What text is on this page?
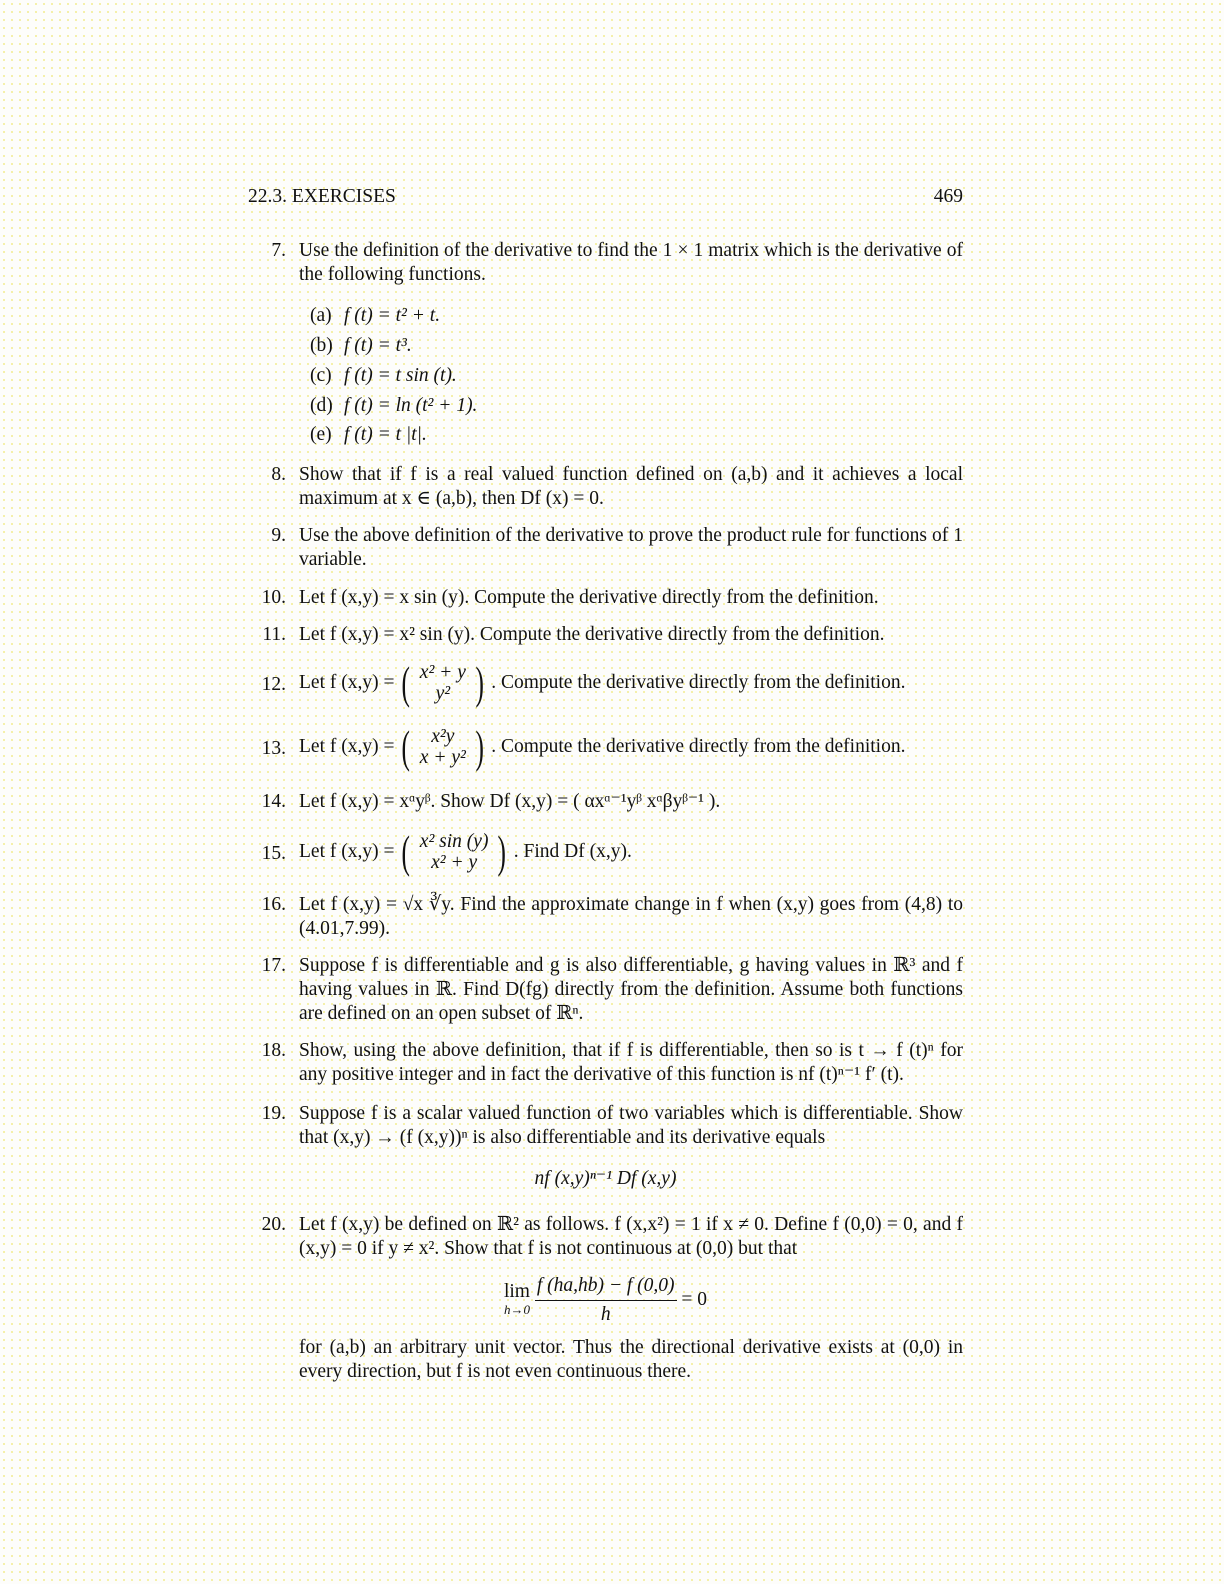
22.3. EXERCISES	469
7. Use the definition of the derivative to find the 1 × 1 matrix which is the derivative of the following functions.
(a) f (t) = t² + t.
(b) f (t) = t³.
(c) f (t) = t sin (t).
(d) f (t) = ln (t² + 1).
(e) f (t) = t |t|.
8. Show that if f is a real valued function defined on (a,b) and it achieves a local maximum at x ∈ (a,b), then Df (x) = 0.
9. Use the above definition of the derivative to prove the product rule for functions of 1 variable.
10. Let f (x,y) = x sin (y). Compute the derivative directly from the definition.
11. Let f (x,y) = x² sin (y). Compute the derivative directly from the definition.
12. Let f (x,y) = ( x² + y
y² ) . Compute the derivative directly from the definition.
13. Let f (x,y) = ( x²y
x + y² ) . Compute the derivative directly from the definition.
14. Let f (x,y) = xᵅyᵝ. Show Df (x,y) = ( αxᵅ⁻¹yᵝ xᵅβyᵝ⁻¹ ).
15. Let f (x,y) = ( x² sin (y)
x² + y ) . Find Df (x,y).
16. Let f (x,y) = √x ∛y. Find the approximate change in f when (x,y) goes from (4,8) to (4.01,7.99).
17. Suppose f is differentiable and g is also differentiable, g having values in ℝ³ and f having values in ℝ. Find D(fg) directly from the definition. Assume both functions are defined on an open subset of ℝⁿ.
18. Show, using the above definition, that if f is differentiable, then so is t → f (t)ⁿ for any positive integer and in fact the derivative of this function is nf (t)ⁿ⁻¹ f′ (t).
19. Suppose f is a scalar valued function of two variables which is differentiable. Show that (x,y) → (f (x,y))ⁿ is also differentiable and its derivative equals
nf (x,y)ⁿ⁻¹ Df (x,y)
20. Let f (x,y) be defined on ℝ² as follows. f (x,x²) = 1 if x ≠ 0. Define f (0,0) = 0, and f (x,y) = 0 if y ≠ x². Show that f is not continuous at (0,0) but that
lim
h→0
$\frac{f (ha,hb) - f (0,0)}{h} = 0$
for (a,b) an arbitrary unit vector. Thus the directional derivative exists at (0,0) in every direction, but f is not even continuous there.
